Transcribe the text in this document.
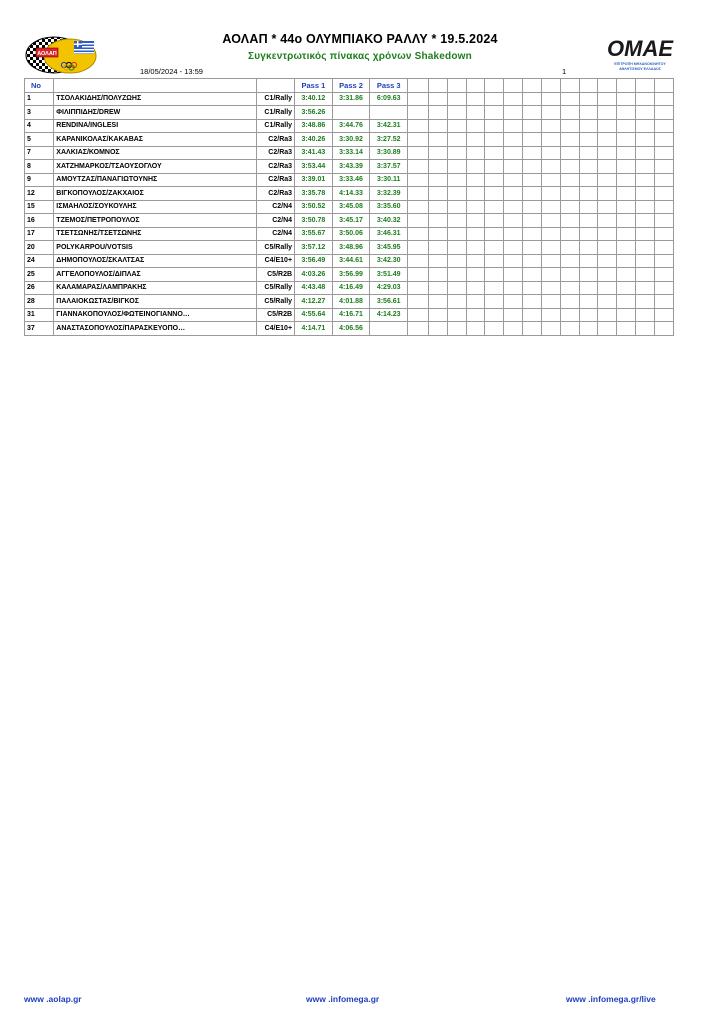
ΑΟΛΑΠ	OMAE
ΕΠΙΤΡΟΠΗ ΜΗΧΑΝΟΚΙΝΗΤΟΥ
ΑΘΛΗΤΙΣΜΟΥ ΕΛΛΑΔΟΣ
ΑΟΛΑΠ * 44ο ΟΛΥΜΠΙΑΚΟ ΡΑΛΛΥ * 19.5.2024
Συγκεντρωτικός πίνακας χρόνων Shakedown
18/05/2024 - 13:59	1
No			Pass 1	Pass 2	Pass 3														
1	ΤΣΟΛΑΚΙΔΗΣ/ΠΟΛΥΖΩΗΣ	C1/Rally	3:40.12	3:31.86	6:09.63														
3	ΦΙΛΙΠΠΙΔΗΣ/DREW	C1/Rally	3:56.26																
4	RENDINA/INGLESI	C1/Rally	3:48.86	3:44.76	3:42.31														
5	ΚΑΡΑΝΙΚΟΛΑΣ/ΚΑΚΑΒΑΣ	C2/Ra3	3:40.26	3:30.92	3:27.52														
7	ΧΑΛΚΙΑΣ/ΚΟΜΝΟΣ	C2/Ra3	3:41.43	3:33.14	3:30.89														
8	ΧΑΤΖΗΜΑΡΚΟΣ/ΤΣΑΟΥΣΟΓΛΟΥ	C2/Ra3	3:53.44	3:43.39	3:37.57														
9	ΑΜΟΥΤΖΑΣ/ΠΑΝΑΓΙΩΤΟΥΝΗΣ	C2/Ra3	3:39.01	3:33.46	3:30.11														
12	ΒΙΓΚΟΠΟΥΛΟΣ/ΖΑΚΧΑΙΟΣ	C2/Ra3	3:35.78	4:14.33	3:32.39														
15	ΙΣΜΑΗΛΟΣ/ΣΟΥΚΟΥΛΗΣ	C2/N4	3:50.52	3:45.08	3:35.60														
16	ΤΖΕΜΟΣ/ΠΕΤΡΟΠΟΥΛΟΣ	C2/N4	3:50.78	3:45.17	3:40.32														
17	ΤΣΕΤΣΩΝΗΣ/ΤΣΕΤΣΩΝΗΣ	C2/N4	3:55.67	3:50.06	3:46.31														
20	POLYKARPOU/VOTSIS	C5/Rally	3:57.12	3:48.96	3:45.95														
24	ΔΗΜΟΠΟΥΛΟΣ/ΣΚΑΛΤΣΑΣ	C4/E10+	3:56.49	3:44.61	3:42.30														
25	ΑΓΓΕΛΟΠΟΥΛΟΣ/ΔΙΠΛΑΣ	C5/R2B	4:03.26	3:56.99	3:51.49														
26	ΚΑΛΑΜΑΡΑΣ/ΛΑΜΠΡΑΚΗΣ	C5/Rally	4:43.48	4:16.49	4:29.03														
28	ΠΑΛΑΙΟΚΩΣΤΑΣ/ΒΙΓΚΟΣ	C5/Rally	4:12.27	4:01.88	3:56.61														
31	ΓΙΑΝΝΑΚΟΠΟΥΛΟΣ/ΦΩΤΕΙΝΟΓΙΑΝΝΟ…	C5/R2B	4:55.64	4:16.71	4:14.23														
37	ΑΝΑΣΤΑΣΟΠΟΥΛΟΣ/ΠΑΡΑΣΚΕΥΟΠΟ…	C4/E10+	4:14.71	4:06.56															
www .aolap.gr	www .infomega.gr	www .infomega.gr/live
